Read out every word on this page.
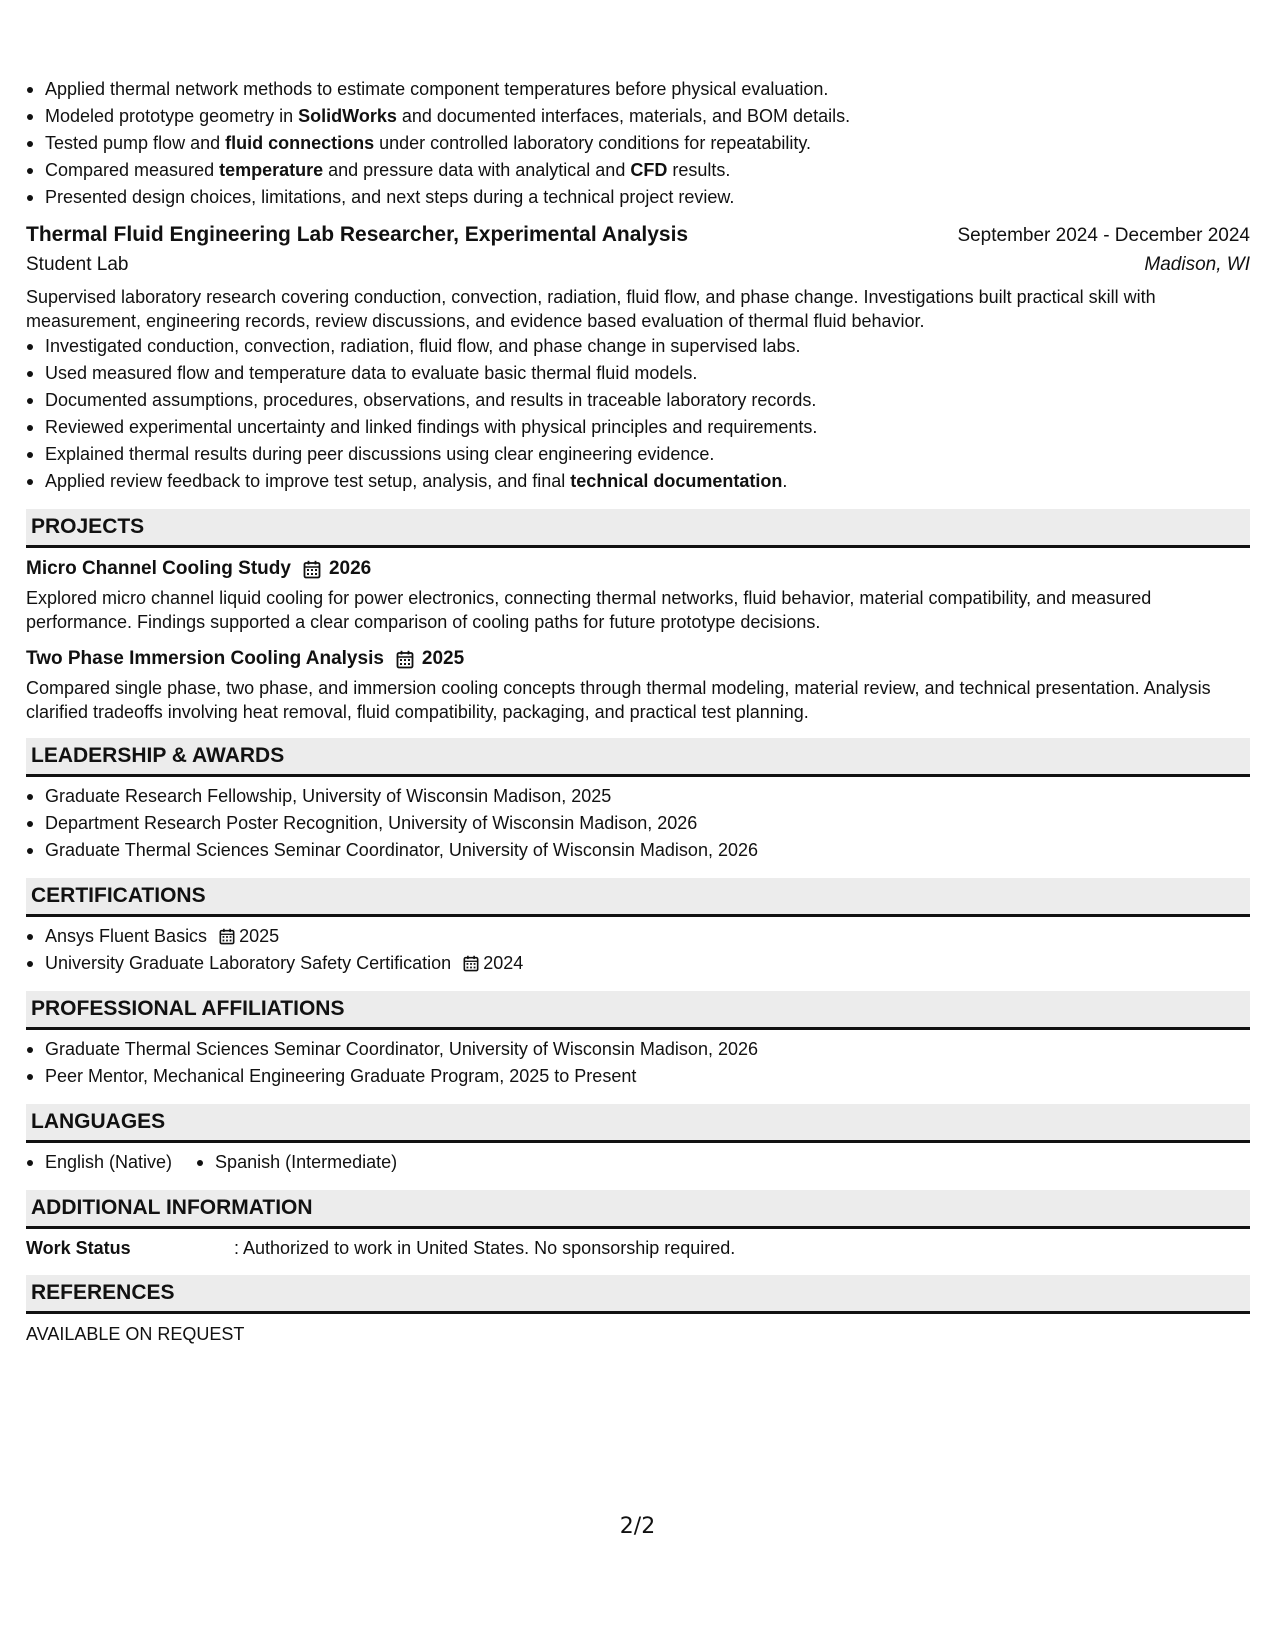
Applied thermal network methods to estimate component temperatures before physical evaluation.
Modeled prototype geometry in SolidWorks and documented interfaces, materials, and BOM details.
Tested pump flow and fluid connections under controlled laboratory conditions for repeatability.
Compared measured temperature and pressure data with analytical and CFD results.
Presented design choices, limitations, and next steps during a technical project review.
Thermal Fluid Engineering Lab Researcher, Experimental Analysis	September 2024 - December 2024
Student Lab	Madison, WI
Supervised laboratory research covering conduction, convection, radiation, fluid flow, and phase change. Investigations built practical skill with measurement, engineering records, review discussions, and evidence based evaluation of thermal fluid behavior.
Investigated conduction, convection, radiation, fluid flow, and phase change in supervised labs.
Used measured flow and temperature data to evaluate basic thermal fluid models.
Documented assumptions, procedures, observations, and results in traceable laboratory records.
Reviewed experimental uncertainty and linked findings with physical principles and requirements.
Explained thermal results during peer discussions using clear engineering evidence.
Applied review feedback to improve test setup, analysis, and final technical documentation.
PROJECTS
Micro Channel Cooling Study 2026
Explored micro channel liquid cooling for power electronics, connecting thermal networks, fluid behavior, material compatibility, and measured performance. Findings supported a clear comparison of cooling paths for future prototype decisions.
Two Phase Immersion Cooling Analysis 2025
Compared single phase, two phase, and immersion cooling concepts through thermal modeling, material review, and technical presentation. Analysis clarified tradeoffs involving heat removal, fluid compatibility, packaging, and practical test planning.
LEADERSHIP & AWARDS
Graduate Research Fellowship, University of Wisconsin Madison, 2025
Department Research Poster Recognition, University of Wisconsin Madison, 2026
Graduate Thermal Sciences Seminar Coordinator, University of Wisconsin Madison, 2026
CERTIFICATIONS
Ansys Fluent Basics 2025
University Graduate Laboratory Safety Certification 2024
PROFESSIONAL AFFILIATIONS
Graduate Thermal Sciences Seminar Coordinator, University of Wisconsin Madison, 2026
Peer Mentor, Mechanical Engineering Graduate Program, 2025 to Present
LANGUAGES
English (Native)	Spanish (Intermediate)
ADDITIONAL INFORMATION
Work Status	: Authorized to work in United States. No sponsorship required.
REFERENCES
AVAILABLE ON REQUEST
2/2
